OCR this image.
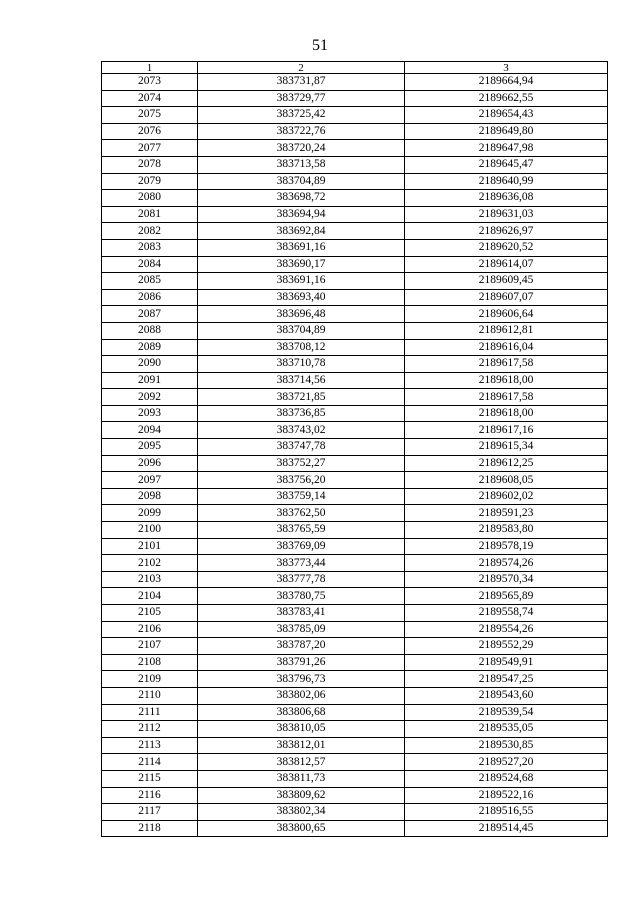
51
1	2	3
2073	383731,87	2189664,94
2074	383729,77	2189662,55
2075	383725,42	2189654,43
2076	383722,76	2189649,80
2077	383720,24	2189647,98
2078	383713,58	2189645,47
2079	383704,89	2189640,99
2080	383698,72	2189636,08
2081	383694,94	2189631,03
2082	383692,84	2189626,97
2083	383691,16	2189620,52
2084	383690,17	2189614,07
2085	383691,16	2189609,45
2086	383693,40	2189607,07
2087	383696,48	2189606,64
2088	383704,89	2189612,81
2089	383708,12	2189616,04
2090	383710,78	2189617,58
2091	383714,56	2189618,00
2092	383721,85	2189617,58
2093	383736,85	2189618,00
2094	383743,02	2189617,16
2095	383747,78	2189615,34
2096	383752,27	2189612,25
2097	383756,20	2189608,05
2098	383759,14	2189602,02
2099	383762,50	2189591,23
2100	383765,59	2189583,80
2101	383769,09	2189578,19
2102	383773,44	2189574,26
2103	383777,78	2189570,34
2104	383780,75	2189565,89
2105	383783,41	2189558,74
2106	383785,09	2189554,26
2107	383787,20	2189552,29
2108	383791,26	2189549,91
2109	383796,73	2189547,25
2110	383802,06	2189543,60
2111	383806,68	2189539,54
2112	383810,05	2189535,05
2113	383812,01	2189530,85
2114	383812,57	2189527,20
2115	383811,73	2189524,68
2116	383809,62	2189522,16
2117	383802,34	2189516,55
2118	383800,65	2189514,45
